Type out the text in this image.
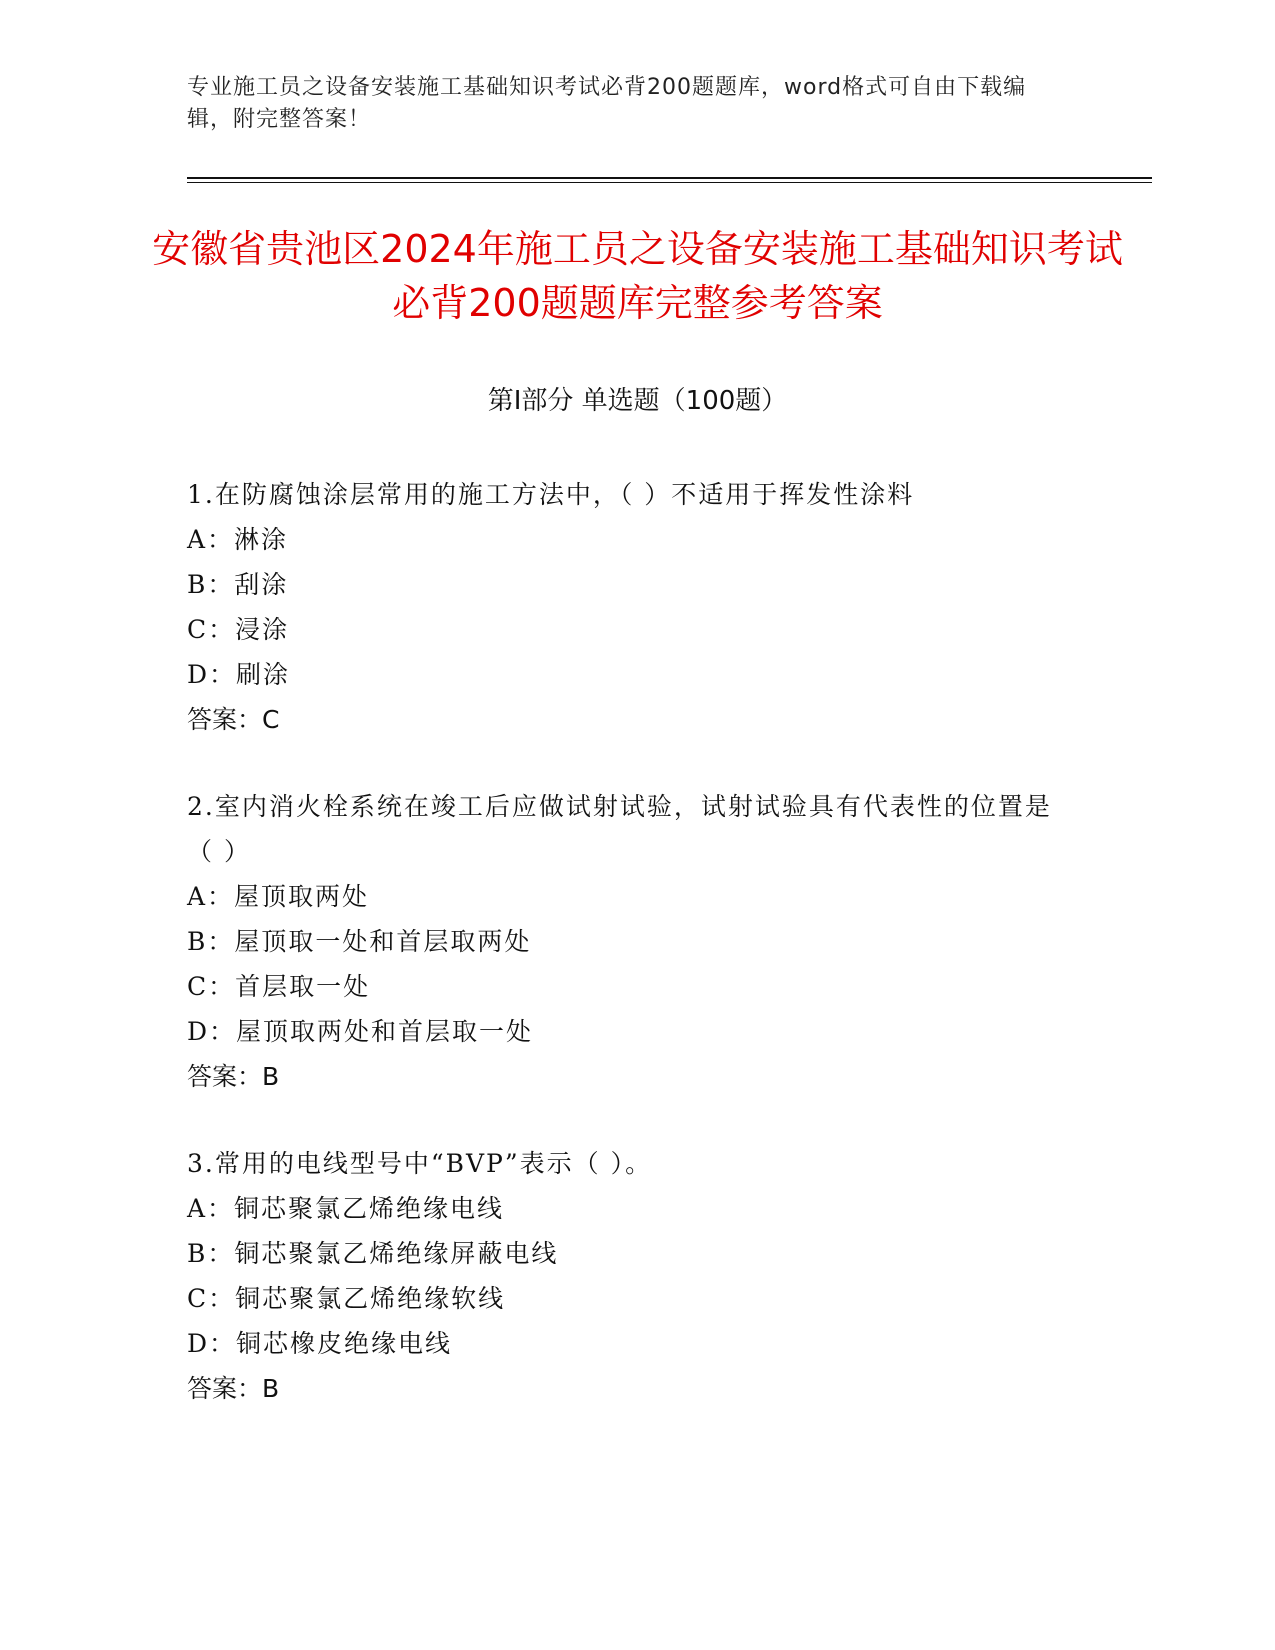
专业施工员之设备安装施工基础知识考试必背200题题库，word格式可自由下载编辑，附完整答案！
安徽省贵池区2024年施工员之设备安装施工基础知识考试必背200题题库完整参考答案
第Ⅰ部分 单选题（100题）
1.在防腐蚀涂层常用的施工方法中，（ ）不适用于挥发性涂料
A：淋涂
B：刮涂
C：浸涂
D：刷涂
答案：C
2.室内消火栓系统在竣工后应做试射试验，试射试验具有代表性的位置是（ ）
A：屋顶取两处
B：屋顶取一处和首层取两处
C：首层取一处
D：屋顶取两处和首层取一处
答案：B
3.常用的电线型号中“BVP”表示（ ）。
A：铜芯聚氯乙烯绝缘电线
B：铜芯聚氯乙烯绝缘屏蔽电线
C：铜芯聚氯乙烯绝缘软线
D：铜芯橡皮绝缘电线
答案：B
